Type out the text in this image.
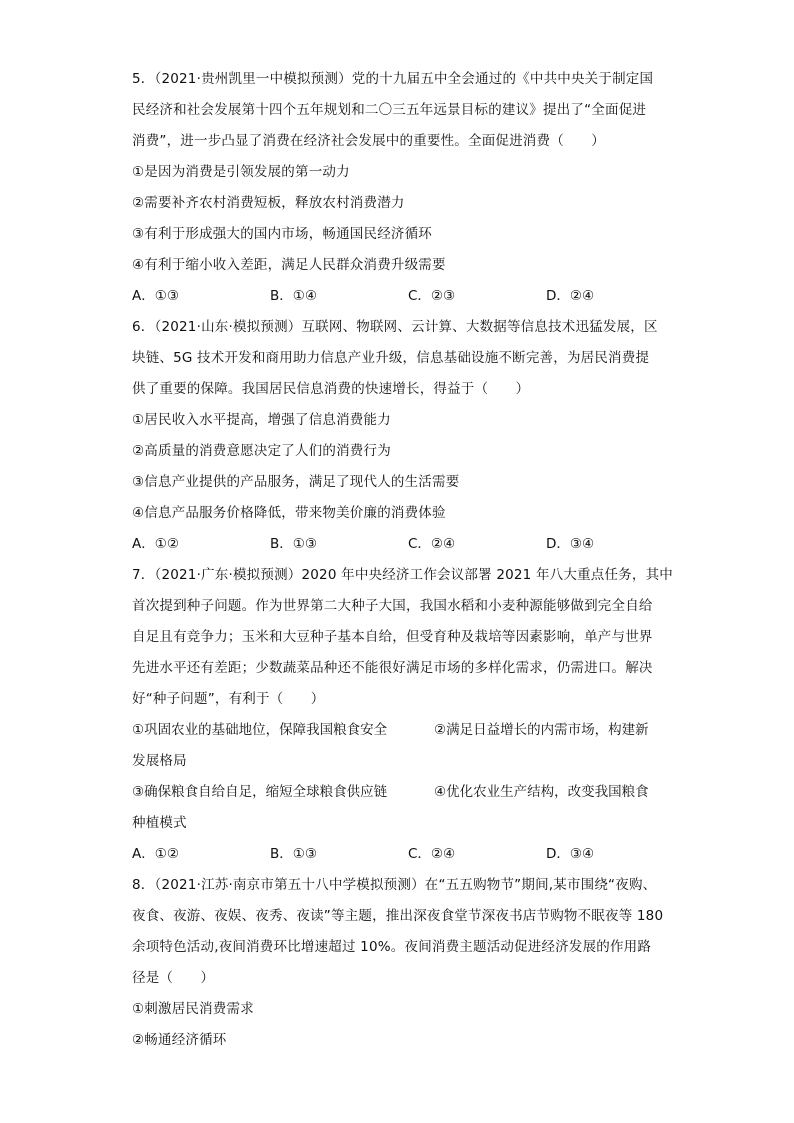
5．（2021·贵州凯里一中模拟预测）党的十九届五中全会通过的《中共中央关于制定国
民经济和社会发展第十四个五年规划和二〇三五年远景目标的建议》提出了“全面促进
消费”，进一步凸显了消费在经济社会发展中的重要性。全面促进消费（　　）
①是因为消费是引领发展的第一动力
②需要补齐农村消费短板，释放农村消费潜力
③有利于形成强大的国内市场，畅通国民经济循环
④有利于缩小收入差距，满足人民群众消费升级需要
A．①③	B．①④	C．②③	D．②④
6．（2021·山东·模拟预测）互联网、物联网、云计算、大数据等信息技术迅猛发展，区
块链、5G 技术开发和商用助力信息产业升级，信息基础设施不断完善，为居民消费提
供了重要的保障。我国居民信息消费的快速增长，得益于（　　）
①居民收入水平提高，增强了信息消费能力
②高质量的消费意愿决定了人们的消费行为
③信息产业提供的产品服务，满足了现代人的生活需要
④信息产品服务价格降低，带来物美价廉的消费体验
A．①②	B．①③	C．②④	D．③④
7．（2021·广东·模拟预测）2020 年中央经济工作会议部署 2021 年八大重点任务，其中
首次提到种子问题。作为世界第二大种子大国，我国水稻和小麦种源能够做到完全自给
自足且有竞争力；玉米和大豆种子基本自给，但受育种及栽培等因素影响，单产与世界
先进水平还有差距；少数蔬菜品种还不能很好满足市场的多样化需求，仍需进口。解决
好“种子问题”，有利于（　　）
①巩固农业的基础地位，保障我国粮食安全	②满足日益增长的内需市场，构建新
发展格局
③确保粮食自给自足，缩短全球粮食供应链	④优化农业生产结构，改变我国粮食
种植模式
A．①②	B．①③	C．②④	D．③④
8．（2021·江苏·南京市第五十八中学模拟预测）在“五五购物节”期间,某市围绕“夜购、
夜食、夜游、夜娱、夜秀、夜读”等主题，推出深夜食堂节深夜书店节购物不眠夜等 180
余项特色活动,夜间消费环比增速超过 10%。夜间消费主题活动促进经济发展的作用路
径是（　　）
①刺激居民消费需求
②畅通经济循环
